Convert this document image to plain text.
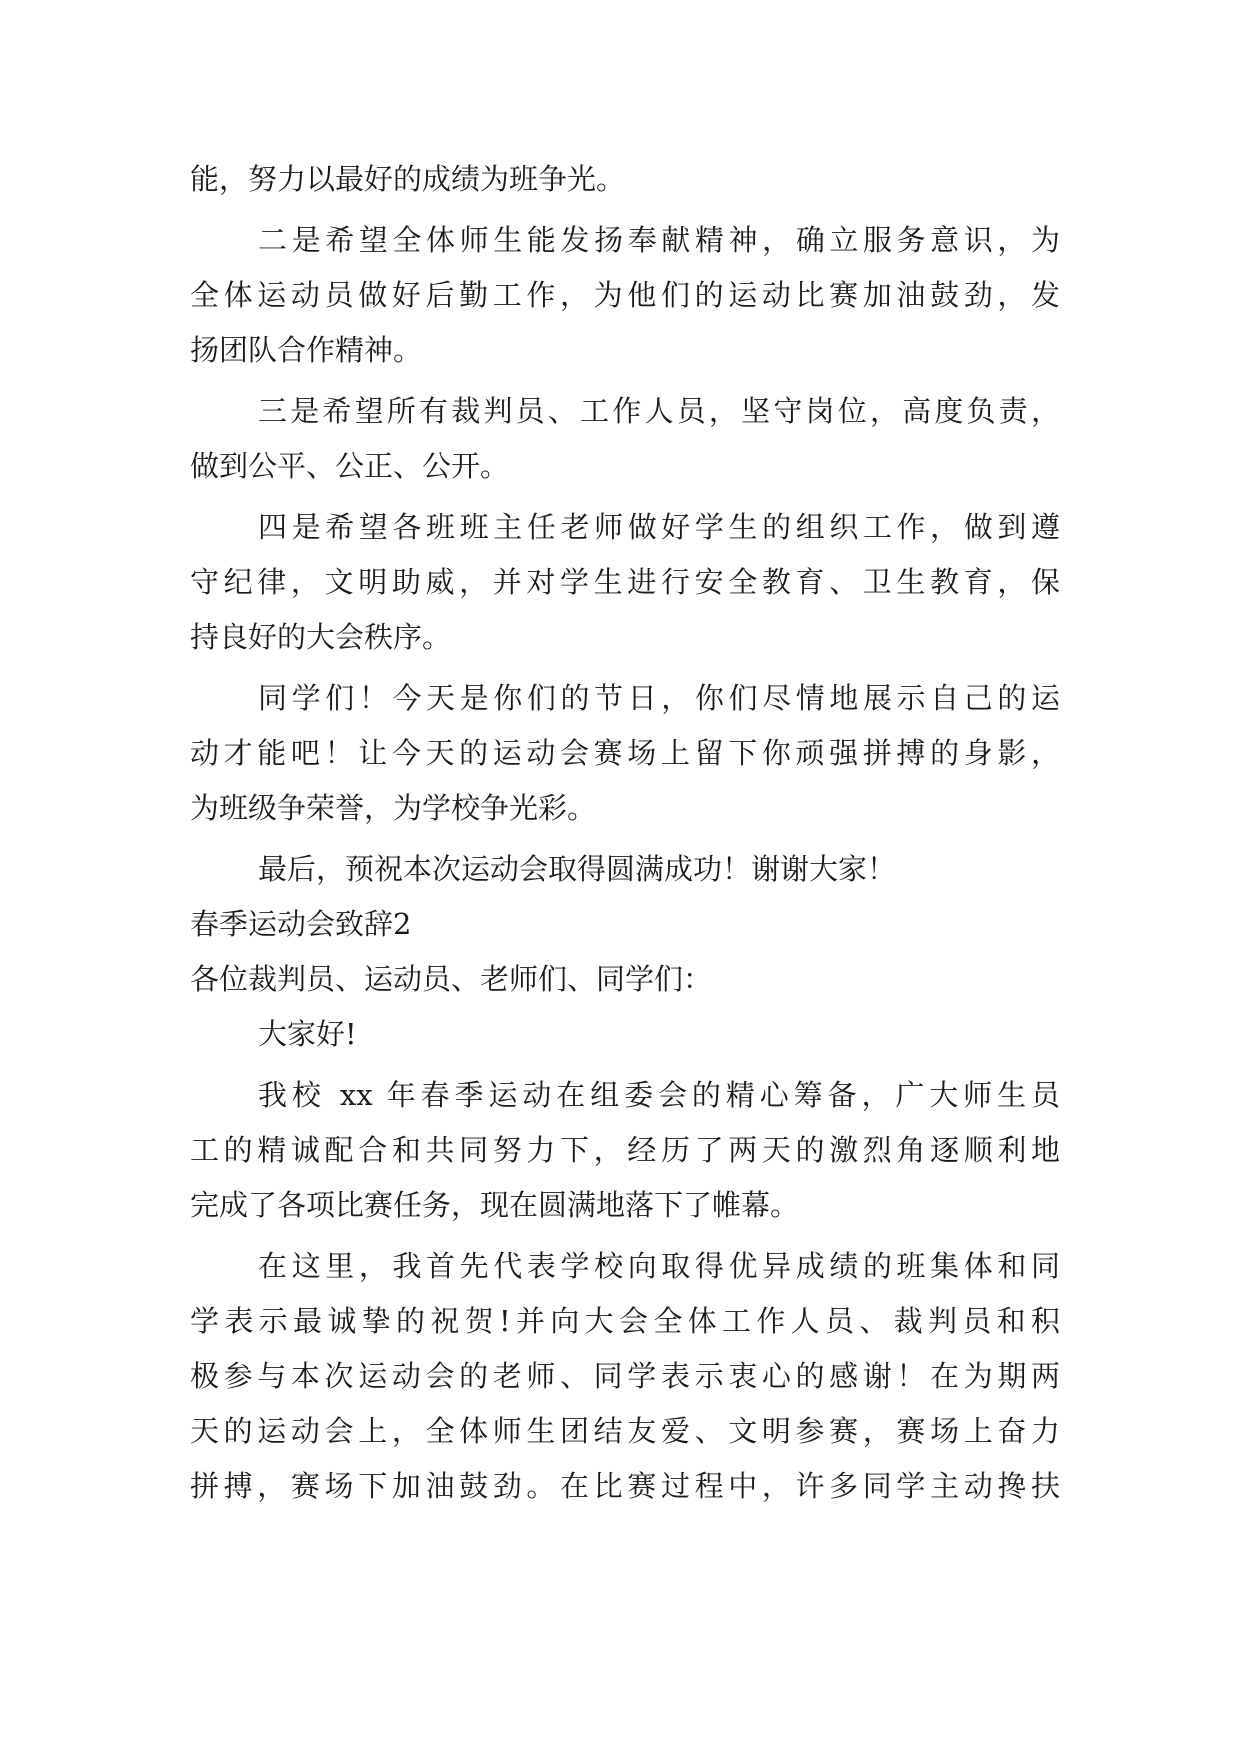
能，努力以最好的成绩为班争光。

二是希望全体师生能发扬奉献精神，确立服务意识，为

全体运动员做好后勤工作，为他们的运动比赛加油鼓劲，发

扬团队合作精神。

三是希望所有裁判员、工作人员，坚守岗位，高度负责，

做到公平、公正、公开。

四是希望各班班主任老师做好学生的组织工作，做到遵

守纪律，文明助威，并对学生进行安全教育、卫生教育，保

持良好的大会秩序。

同学们！今天是你们的节日，你们尽情地展示自己的运

动才能吧！让今天的运动会赛场上留下你顽强拼搏的身影，

为班级争荣誉，为学校争光彩。

最后，预祝本次运动会取得圆满成功！谢谢大家！

春季运动会致辞2

各位裁判员、运动员、老师们、同学们：

大家好!

我校 xx 年春季运动在组委会的精心筹备，广大师生员

工的精诚配合和共同努力下，经历了两天的激烈角逐顺利地

完成了各项比赛任务，现在圆满地落下了帷幕。

在这里，我首先代表学校向取得优异成绩的班集体和同

学表示最诚挚的祝贺!并向大会全体工作人员、裁判员和积

极参与本次运动会的老师、同学表示衷心的感谢！在为期两

天的运动会上，全体师生团结友爱、文明参赛，赛场上奋力

拼搏，赛场下加油鼓劲。在比赛过程中，许多同学主动搀扶
